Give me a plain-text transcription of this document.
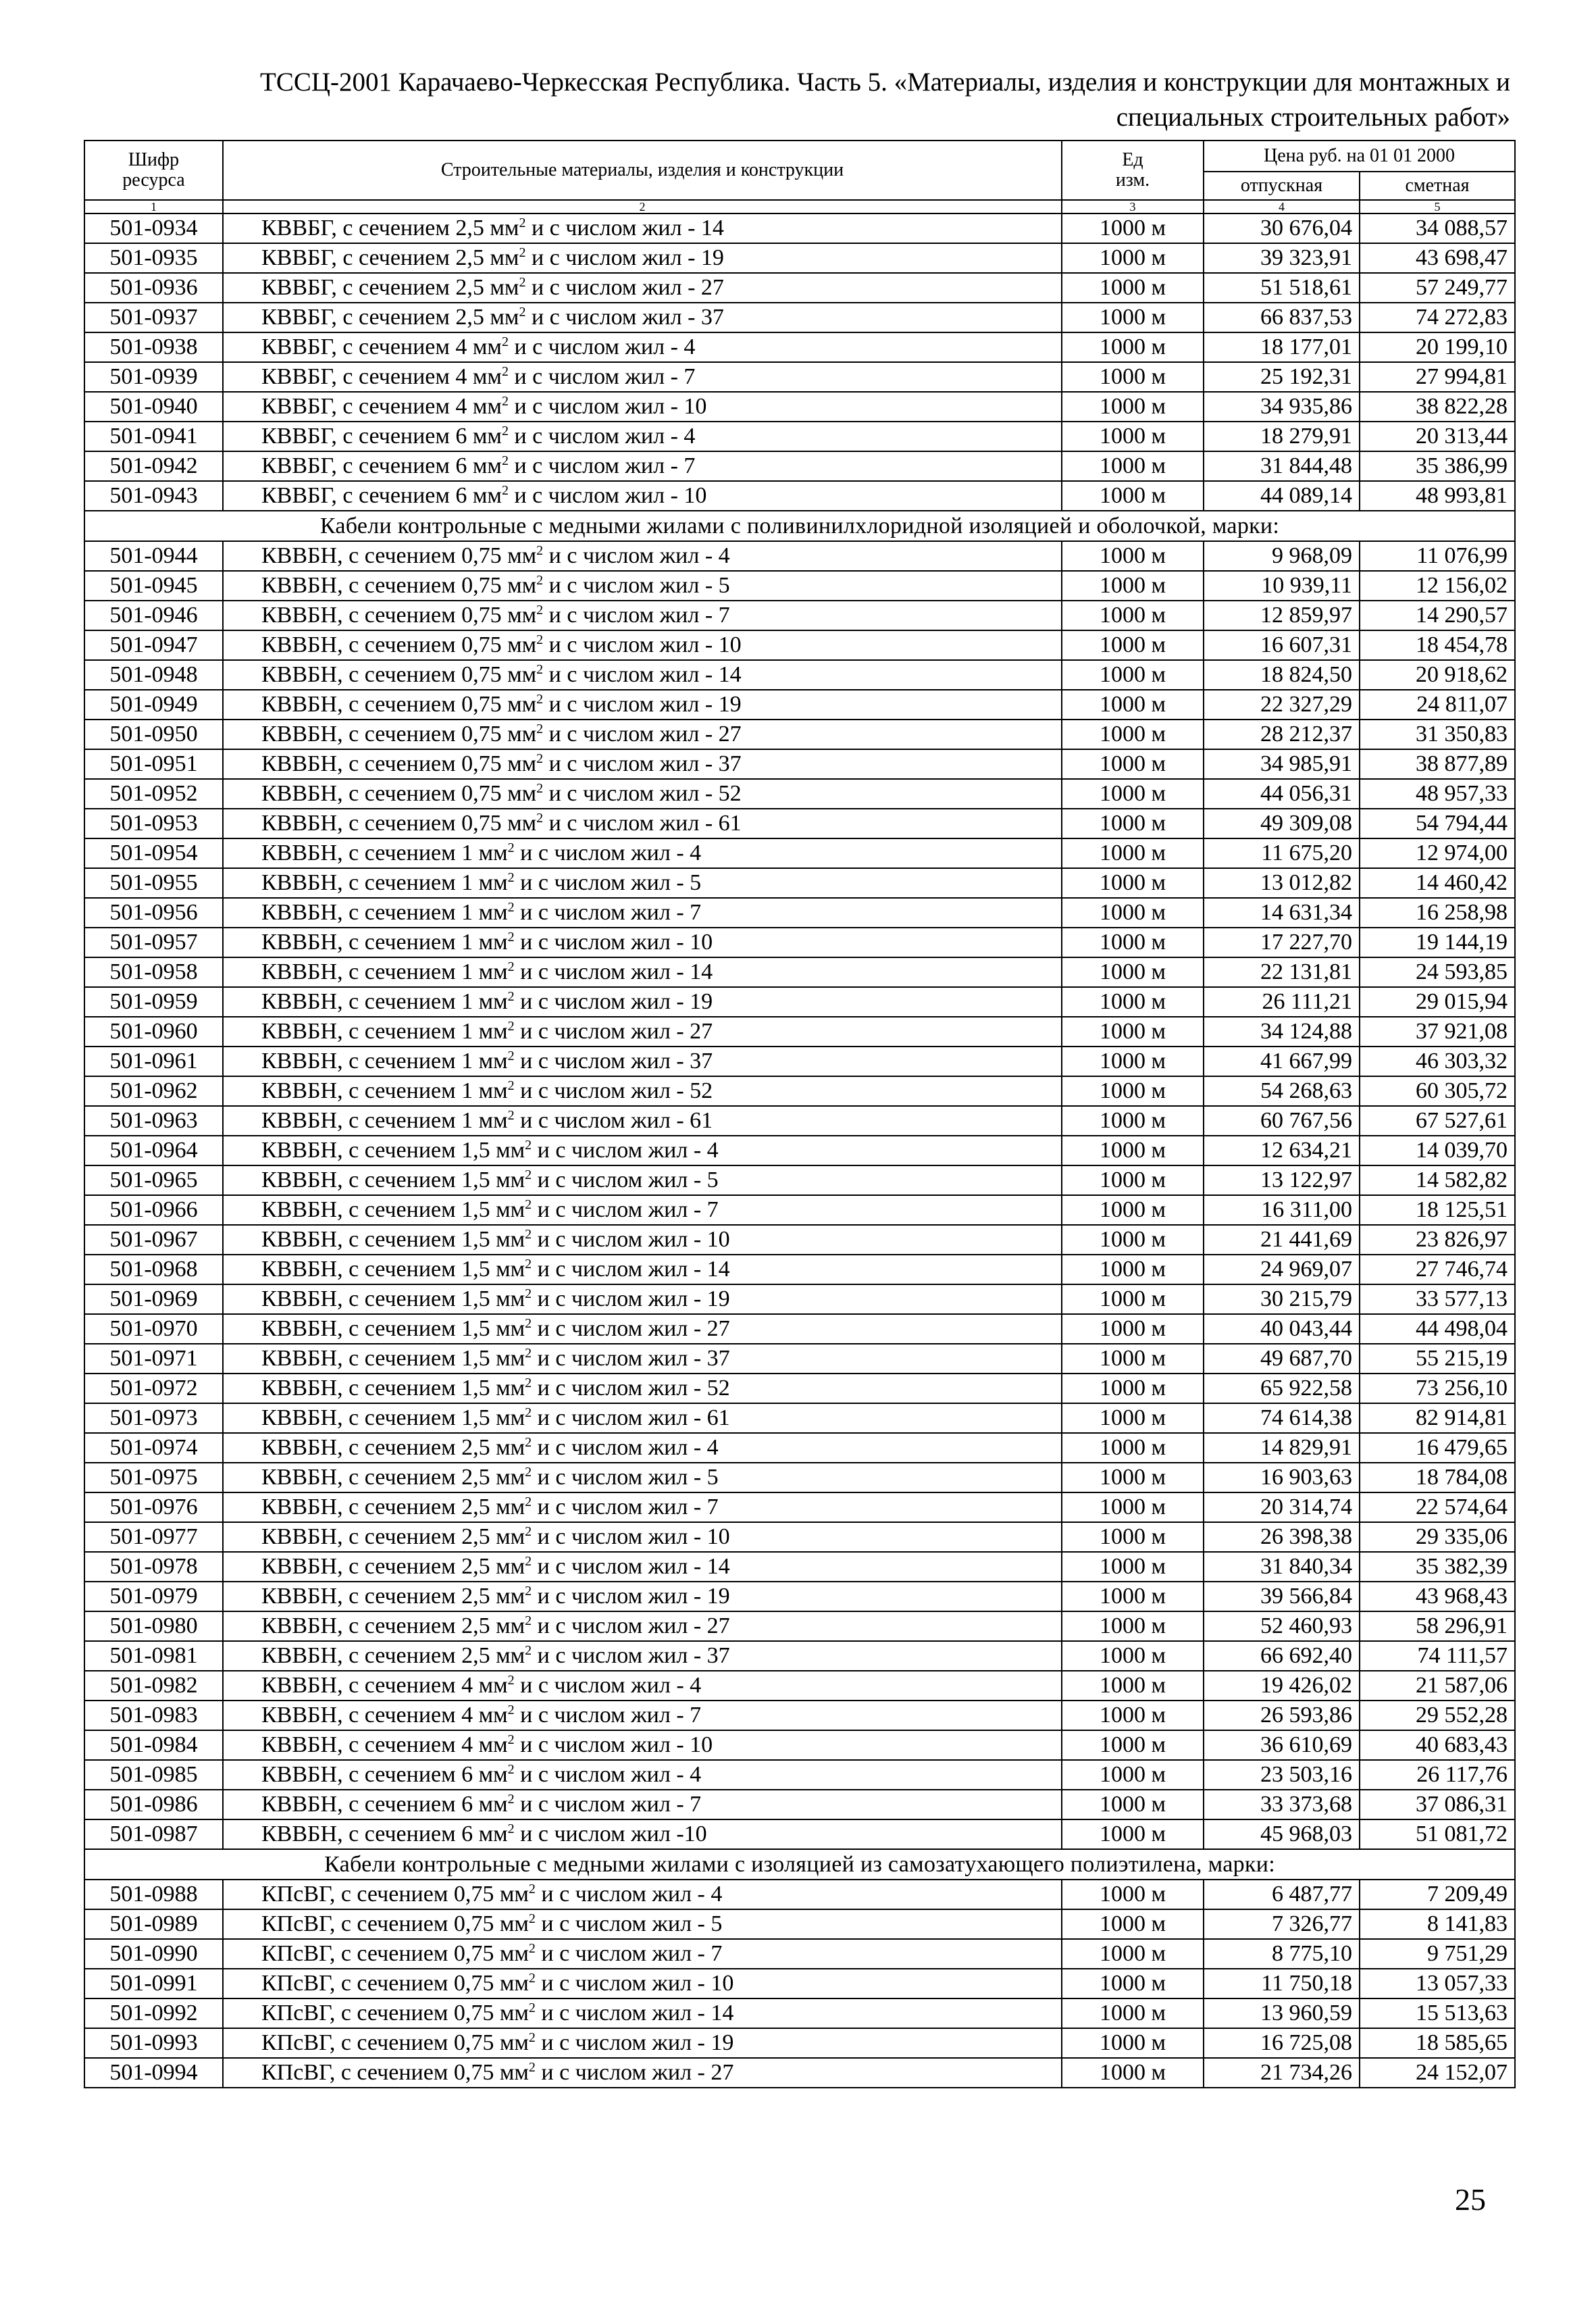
ТССЦ-2001 Карачаево-Черкесская Республика. Часть 5. «Материалы, изделия и конструкции для монтажных и
специальных строительных работ»
Шифр ресурса	Строительные материалы, изделия и конструкции	Ед изм.	Цена руб. на 01 01 2000	
			отпускная	сметная
1	2	3	4	5
501-0934	КВВБГ, с сечением 2,5 $мм^2$ и с числом жил - 14	1000 м	30 676,04	34 088,57
501-0935	КВВБГ, с сечением 2,5 $мм^2$ и с числом жил - 19	1000 м	39 323,91	43 698,47
501-0936	КВВБГ, с сечением 2,5 $мм^2$ и с числом жил - 27	1000 м	51 518,61	57 249,77
501-0937	КВВБГ, с сечением 2,5 $мм^2$ и с числом жил - 37	1000 м	66 837,53	74 272,83
501-0938	КВВБГ, с сечением 4 $мм^2$ и с числом жил - 4	1000 м	18 177,01	20 199,10
501-0939	КВВБГ, с сечением 4 $мм^2$ и с числом жил - 7	1000 м	25 192,31	27 994,81
501-0940	КВВБГ, с сечением 4 $мм^2$ и с числом жил - 10	1000 м	34 935,86	38 822,28
501-0941	КВВБГ, с сечением 6 $мм^2$ и с числом жил - 4	1000 м	18 279,91	20 313,44
501-0942	КВВБГ, с сечением 6 $мм^2$ и с числом жил - 7	1000 м	31 844,48	35 386,99
501-0943	КВВБГ, с сечением 6 $мм^2$ и с числом жил - 10	1000 м	44 089,14	48 993,81
Кабели контрольные с медными жилами с поливинилхлоридной изоляцией и оболочкой, марки:				
501-0944	КВВБН, с сечением 0,75 $мм^2$ и с числом жил - 4	1000 м	9 968,09	11 076,99
501-0945	КВВБН, с сечением 0,75 $мм^2$ и с числом жил - 5	1000 м	10 939,11	12 156,02
501-0946	КВВБН, с сечением 0,75 $мм^2$ и с числом жил - 7	1000 м	12 859,97	14 290,57
501-0947	КВВБН, с сечением 0,75 $мм^2$ и с числом жил - 10	1000 м	16 607,31	18 454,78
501-0948	КВВБН, с сечением 0,75 $мм^2$ и с числом жил - 14	1000 м	18 824,50	20 918,62
501-0949	КВВБН, с сечением 0,75 $мм^2$ и с числом жил - 19	1000 м	22 327,29	24 811,07
501-0950	КВВБН, с сечением 0,75 $мм^2$ и с числом жил - 27	1000 м	28 212,37	31 350,83
501-0951	КВВБН, с сечением 0,75 $мм^2$ и с числом жил - 37	1000 м	34 985,91	38 877,89
501-0952	КВВБН, с сечением 0,75 $мм^2$ и с числом жил - 52	1000 м	44 056,31	48 957,33
501-0953	КВВБН, с сечением 0,75 $мм^2$ и с числом жил - 61	1000 м	49 309,08	54 794,44
501-0954	КВВБН, с сечением 1 $мм^2$ и с числом жил - 4	1000 м	11 675,20	12 974,00
501-0955	КВВБН, с сечением 1 $мм^2$ и с числом жил - 5	1000 м	13 012,82	14 460,42
501-0956	КВВБН, с сечением 1 $мм^2$ и с числом жил - 7	1000 м	14 631,34	16 258,98
501-0957	КВВБН, с сечением 1 $мм^2$ и с числом жил - 10	1000 м	17 227,70	19 144,19
501-0958	КВВБН, с сечением 1 $мм^2$ и с числом жил - 14	1000 м	22 131,81	24 593,85
501-0959	КВВБН, с сечением 1 $мм^2$ и с числом жил - 19	1000 м	26 111,21	29 015,94
501-0960	КВВБН, с сечением 1 $мм^2$ и с числом жил - 27	1000 м	34 124,88	37 921,08
501-0961	КВВБН, с сечением 1 $мм^2$ и с числом жил - 37	1000 м	41 667,99	46 303,32
501-0962	КВВБН, с сечением 1 $мм^2$ и с числом жил - 52	1000 м	54 268,63	60 305,72
501-0963	КВВБН, с сечением 1 $мм^2$ и с числом жил - 61	1000 м	60 767,56	67 527,61
501-0964	КВВБН, с сечением 1,5 $мм^2$ и с числом жил - 4	1000 м	12 634,21	14 039,70
501-0965	КВВБН, с сечением 1,5 $мм^2$ и с числом жил - 5	1000 м	13 122,97	14 582,82
501-0966	КВВБН, с сечением 1,5 $мм^2$ и с числом жил - 7	1000 м	16 311,00	18 125,51
501-0967	КВВБН, с сечением 1,5 $мм^2$ и с числом жил - 10	1000 м	21 441,69	23 826,97
501-0968	КВВБН, с сечением 1,5 $мм^2$ и с числом жил - 14	1000 м	24 969,07	27 746,74
501-0969	КВВБН, с сечением 1,5 $мм^2$ и с числом жил - 19	1000 м	30 215,79	33 577,13
501-0970	КВВБН, с сечением 1,5 $мм^2$ и с числом жил - 27	1000 м	40 043,44	44 498,04
501-0971	КВВБН, с сечением 1,5 $мм^2$ и с числом жил - 37	1000 м	49 687,70	55 215,19
501-0972	КВВБН, с сечением 1,5 $мм^2$ и с числом жил - 52	1000 м	65 922,58	73 256,10
501-0973	КВВБН, с сечением 1,5 $мм^2$ и с числом жил - 61	1000 м	74 614,38	82 914,81
501-0974	КВВБН, с сечением 2,5 $мм^2$ и с числом жил - 4	1000 м	14 829,91	16 479,65
501-0975	КВВБН, с сечением 2,5 $мм^2$ и с числом жил - 5	1000 м	16 903,63	18 784,08
501-0976	КВВБН, с сечением 2,5 $мм^2$ и с числом жил - 7	1000 м	20 314,74	22 574,64
501-0977	КВВБН, с сечением 2,5 $мм^2$ и с числом жил - 10	1000 м	26 398,38	29 335,06
501-0978	КВВБН, с сечением 2,5 $мм^2$ и с числом жил - 14	1000 м	31 840,34	35 382,39
501-0979	КВВБН, с сечением 2,5 $мм^2$ и с числом жил - 19	1000 м	39 566,84	43 968,43
501-0980	КВВБН, с сечением 2,5 $мм^2$ и с числом жил - 27	1000 м	52 460,93	58 296,91
501-0981	КВВБН, с сечением 2,5 $мм^2$ и с числом жил - 37	1000 м	66 692,40	74 111,57
501-0982	КВВБН, с сечением 4 $мм^2$ и с числом жил - 4	1000 м	19 426,02	21 587,06
501-0983	КВВБН, с сечением 4 $мм^2$ и с числом жил - 7	1000 м	26 593,86	29 552,28
501-0984	КВВБН, с сечением 4 $мм^2$ и с числом жил - 10	1000 м	36 610,69	40 683,43
501-0985	КВВБН, с сечением 6 $мм^2$ и с числом жил - 4	1000 м	23 503,16	26 117,76
501-0986	КВВБН, с сечением 6 $мм^2$ и с числом жил - 7	1000 м	33 373,68	37 086,31
501-0987	КВВБН, с сечением 6 $мм^2$ и с числом жил -10	1000 м	45 968,03	51 081,72
Кабели контрольные с медными жилами с изоляцией из самозатухающего полиэтилена, марки:				
501-0988	КПсВГ, с сечением 0,75 $мм^2$ и с числом жил - 4	1000 м	6 487,77	7 209,49
501-0989	КПсВГ, с сечением 0,75 $мм^2$ и с числом жил - 5	1000 м	7 326,77	8 141,83
501-0990	КПсВГ, с сечением 0,75 $мм^2$ и с числом жил - 7	1000 м	8 775,10	9 751,29
501-0991	КПсВГ, с сечением 0,75 $мм^2$ и с числом жил - 10	1000 м	11 750,18	13 057,33
501-0992	КПсВГ, с сечением 0,75 $мм^2$ и с числом жил - 14	1000 м	13 960,59	15 513,63
501-0993	КПсВГ, с сечением 0,75 $мм^2$ и с числом жил - 19	1000 м	16 725,08	18 585,65
501-0994	КПсВГ, с сечением 0,75 $мм^2$ и с числом жил - 27	1000 м	21 734,26	24 152,07
25
